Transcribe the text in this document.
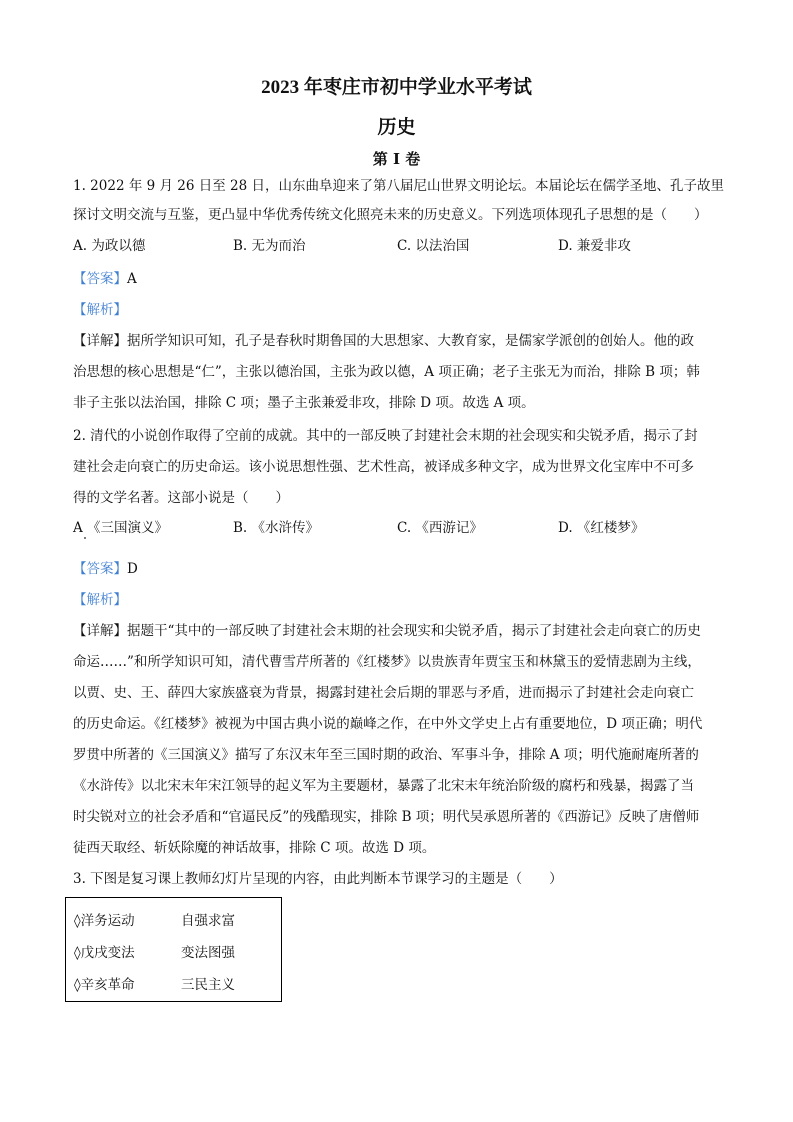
2023 年枣庄市初中学业水平考试
历史
第 I 卷
1. 2022 年 9 月 26 日至 28 日，山东曲阜迎来了第八届尼山世界文明论坛。本届论坛在儒学圣地、孔子故里
探讨文明交流与互鉴，更凸显中华优秀传统文化照亮未来的历史意义。下列选项体现孔子思想的是（　　）
A. 为政以德	B. 无为而治	C. 以法治国	D. 兼爱非攻
【答案】A
【解析】
【详解】据所学知识可知，孔子是春秋时期鲁国的大思想家、大教育家，是儒家学派创的创始人。他的政
治思想的核心思想是“仁”，主张以德治国，主张为政以德，A 项正确；老子主张无为而治，排除 B 项；韩
非子主张以法治国，排除 C 项；墨子主张兼爱非攻，排除 D 项。故选 A 项。
2. 清代的小说创作取得了空前的成就。其中的一部反映了封建社会末期的社会现实和尖锐矛盾，揭示了封
建社会走向衰亡的历史命运。该小说思想性强、艺术性高，被译成多种文字，成为世界文化宝库中不可多
得的文学名著。这部小说是（　　）
A 《三国演义》	B. 《水浒传》	C. 《西游记》	D. 《红楼梦》
【答案】D
【解析】
【详解】据题干“其中的一部反映了封建社会末期的社会现实和尖锐矛盾，揭示了封建社会走向衰亡的历史
命运……”和所学知识可知，清代曹雪芹所著的《红楼梦》以贵族青年贾宝玉和林黛玉的爱情悲剧为主线，
以贾、史、王、薛四大家族盛衰为背景，揭露封建社会后期的罪恶与矛盾，进而揭示了封建社会走向衰亡
的历史命运。《红楼梦》被视为中国古典小说的巅峰之作，在中外文学史上占有重要地位，D 项正确；明代
罗贯中所著的《三国演义》描写了东汉末年至三国时期的政治、军事斗争，排除 A 项；明代施耐庵所著的
《水浒传》以北宋末年宋江领导的起义军为主要题材，暴露了北宋末年统治阶级的腐朽和残暴，揭露了当
时尖锐对立的社会矛盾和“官逼民反”的残酷现实，排除 B 项；明代吴承恩所著的《西游记》反映了唐僧师
徒西天取经、斩妖除魔的神话故事，排除 C 项。故选 D 项。
3. 下图是复习课上教师幻灯片呈现的内容，由此判断本节课学习的主题是（　　）
◊洋务运动	自强求富
◊戊戌变法	变法图强
◊辛亥革命	三民主义
